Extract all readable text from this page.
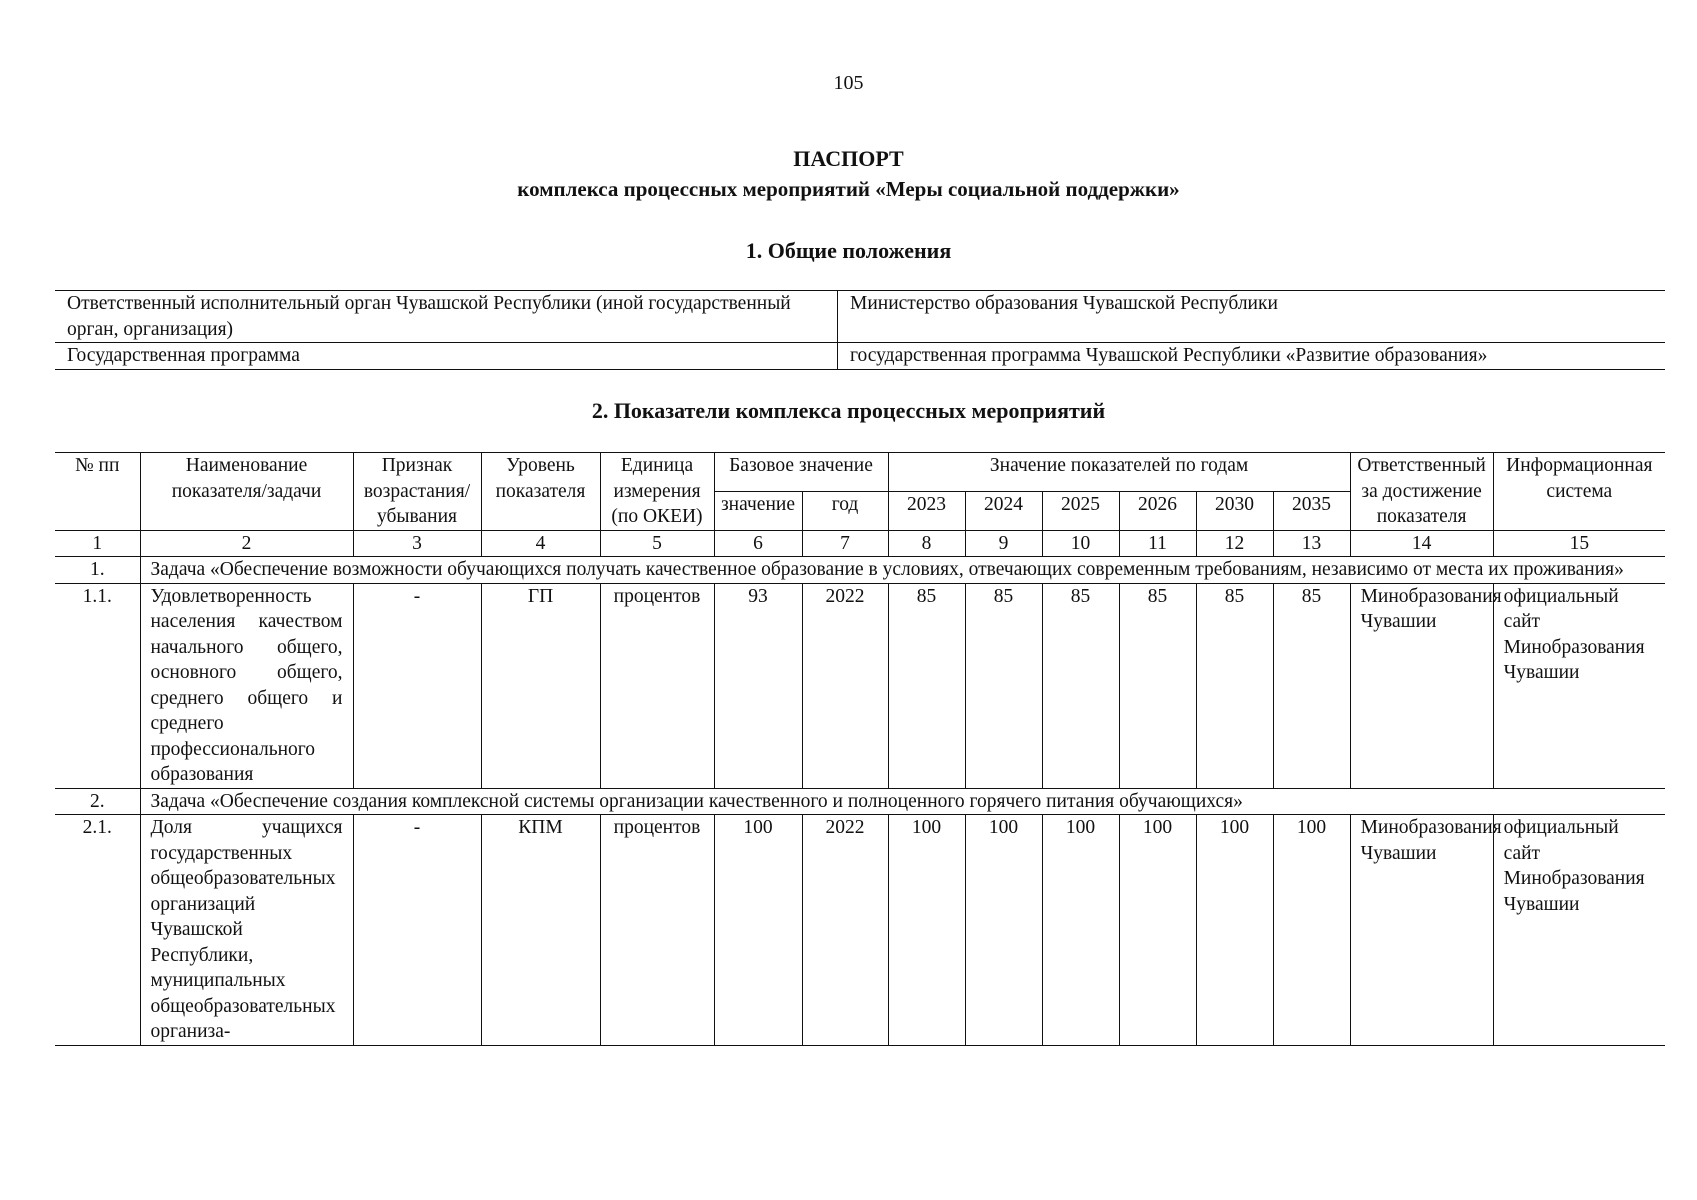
105
ПАСПОРТ
комплекса процессных мероприятий «Меры социальной поддержки»
1. Общие положения
Ответственный исполнительный орган Чувашской Республики (иной государственный орган, организация)	Министерство образования Чувашской Республики
Государственная программа	государственная программа Чувашской Республики «Развитие образования»
2. Показатели комплекса процессных мероприятий
№ пп	Наименование показателя/задачи	Признак возрастания/убывания	Уровень показателя	Единица измерения (по ОКЕИ)	Базовое значение		Значение показателей по годам						Ответственный за достижение показателя	Информационная система
					значение	год	2023	2024	2025	2026	2030	2035		
1	2	3	4	5	6	7	8	9	10	11	12	13	14	15
1.	Задача «Обеспечение возможности обучающихся получать качественное образование в условиях, отвечающих современным требованиям, независимо от места их проживания»													
1.1.	Удовлетворенность населения качеством начального общего, основного общего, среднего общего и среднего профессионального образования	-	ГП	процентов	93	2022	85	85	85	85	85	85	Минобразования Чувашии	официальный сайт Минобразования Чувашии
2.	Задача «Обеспечение создания комплексной системы организации качественного и полноценного горячего питания обучающихся»													
2.1.	Доля учащихся государственных общеобразовательных организаций Чувашской Республики, муниципальных общеобразовательных организа-	-	КПМ	процентов	100	2022	100	100	100	100	100	100	Минобразования Чувашии	официальный сайт Минобразования Чувашии
